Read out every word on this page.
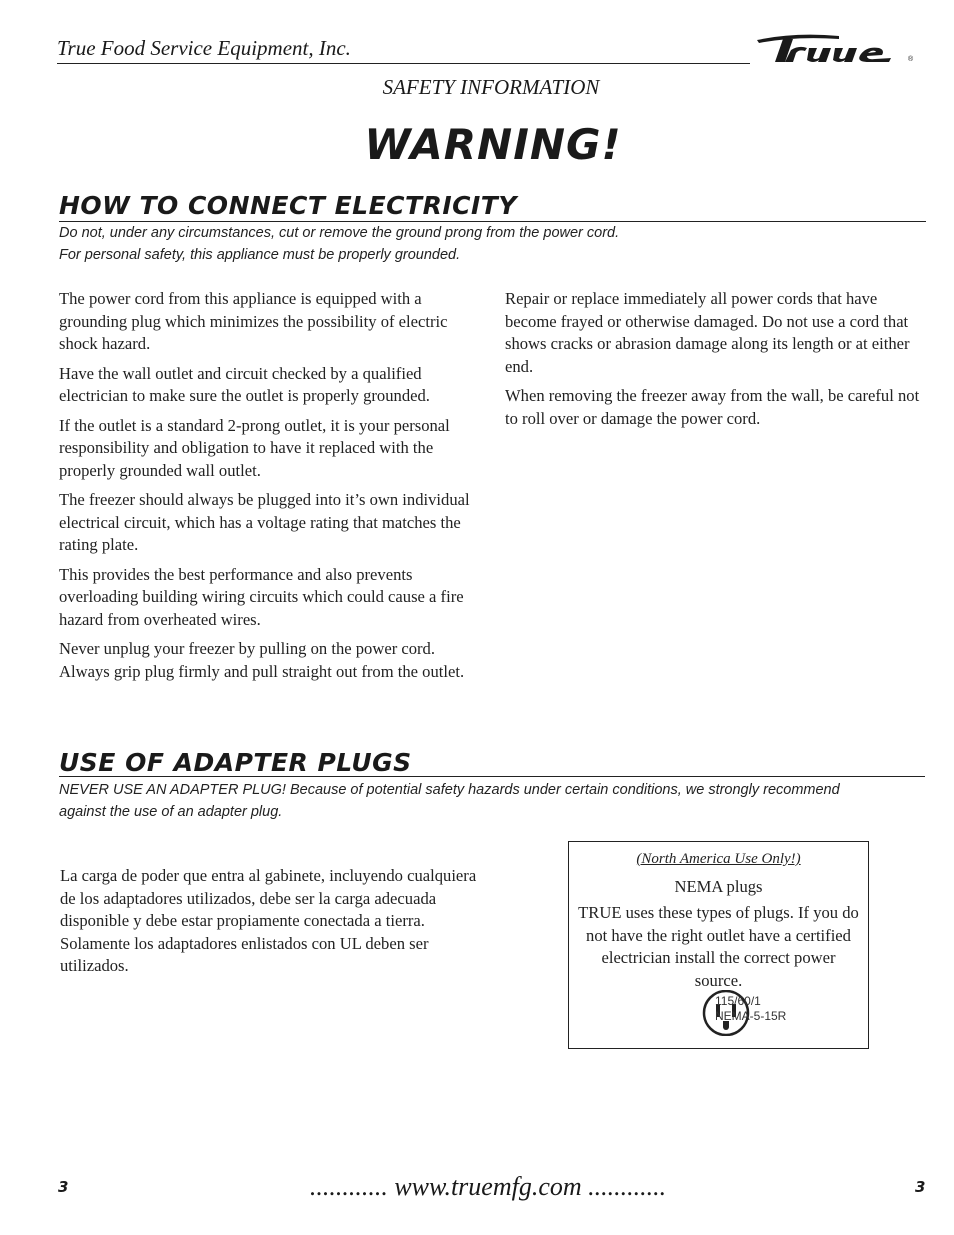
True Food Service Equipment, Inc.	®
SAFETY INFORMATION
WARNING!
HOW TO CONNECT ELECTRICITY
Do not, under any circumstances, cut or remove the ground prong from the power cord.
For personal safety, this appliance must be properly grounded.

The power cord from this appliance is equipped with a grounding plug which minimizes the possibility of electric shock hazard.

Have the wall outlet and circuit checked by a qualified electrician to make sure the outlet is properly grounded.

If the outlet is a standard 2-prong outlet, it is your personal responsibility and obligation to have it replaced with the properly grounded wall outlet.

The freezer should always be plugged into it’s own individual electrical circuit, which has a voltage rating that matches the rating plate.

This provides the best performance and also prevents overloading building wiring circuits which could cause a fire hazard from overheated wires.

Never unplug your freezer by pulling on the power cord. Always grip plug firmly and pull straight out from the outlet.

Repair or replace immediately all power cords that have become frayed or otherwise damaged. Do not use a cord that shows cracks or abrasion damage along its length or at either end.

When removing the freezer away from the wall, be careful not to roll over or damage the power cord.

USE OF ADAPTER PLUGS
NEVER USE AN ADAPTER PLUG! Because of potential safety hazards under certain conditions, we strongly recommend
against the use of an adapter plug.

La carga de poder que entra al gabinete, incluyendo cualquiera de los adaptadores utilizados, debe ser la carga adecuada disponible y debe estar propiamente conectada a tierra. Solamente los adaptadores enlistados con UL deben ser utilizados.

(North America Use Only!)
NEMA plugs
TRUE uses these types of plugs. If you do not have the right outlet have a certified electrician install the correct power source.
115/60/1
NEMA-5-15R
3	............ www.truemfg.com ............	3
